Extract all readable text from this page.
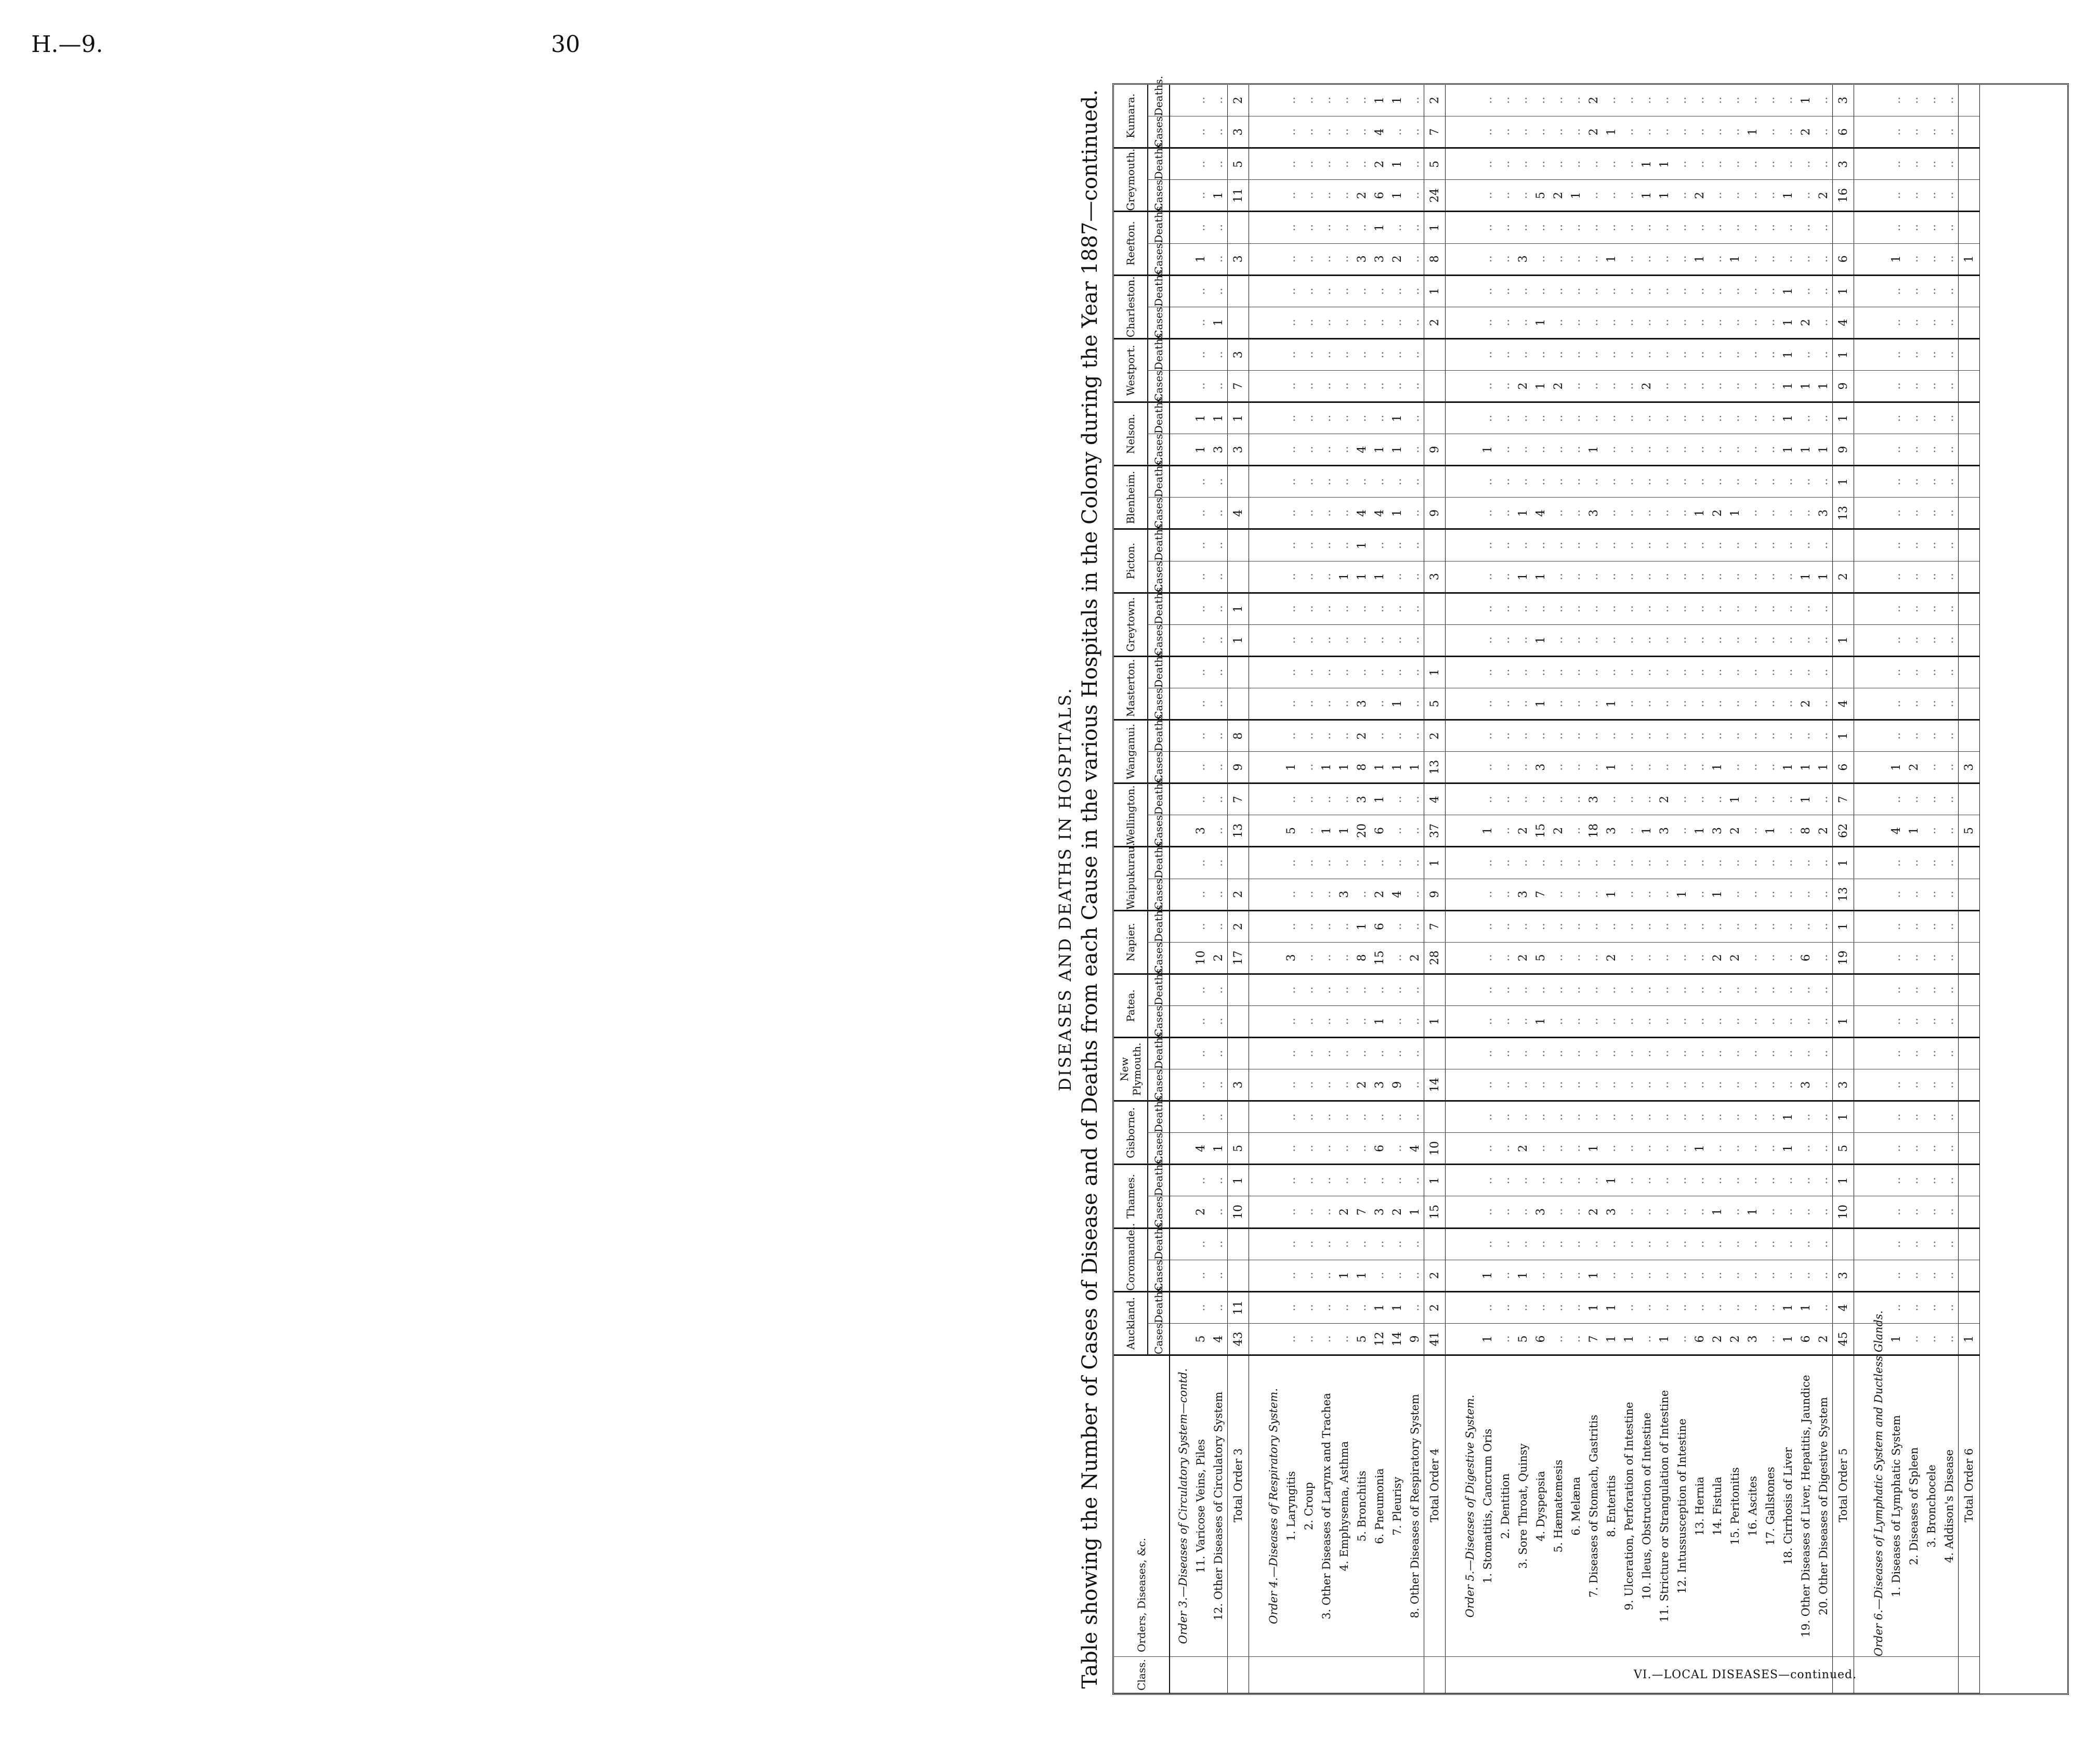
H.—9.	30
DISEASES AND DEATHS IN HOSPITALS. Table showing the Number of Cases of Disease and of Deaths from each Cause in the various Hospitals in the Colony during the Year 1887—continued.	VI.—LOCAL DISEASES—continued.
Class.	Orders, Diseases, &c.	Auckland.		Coromandel.		Thames.		Gisborne.		New Plymouth.		Patea.		Napier.		Waipukurau.		Wellington.		Wanganui.		Masterton.		Greytown.		Picton.		Blenheim.		Nelson.		Westport.		Charleston.		Reefton.		Greymouth.		Kumara.	
		Cases.	Deaths.	Cases.	Deaths.	Cases.	Deaths.	Cases.	Deaths.	Cases.	Deaths.	Cases.	Deaths.	Cases.	Deaths.	Cases.	Deaths.	Cases.	Deaths.	Cases.	Deaths.	Cases.	Deaths.	Cases.	Deaths.	Cases.	Deaths.	Cases.	Deaths.	Cases.	Deaths.	Cases.	Deaths.	Cases.	Deaths.	Cases.	Deaths.	Cases.	Deaths.	Cases.	Deaths.
	Order 3.—Diseases of Circulatory System—contd.																																								
	11. Varicose Veins, Piles	5	..	..	..	2	..	4	..	..	..	..	..	10	..	..	..	3	..	..	..	..	..	..	..	..	..	..	..	1	1	..	..	..	..	1	..	..	..	..	..
	12. Other Diseases of Circulatory System	4	..	..	..	..	..	1	..	..	..	..	..	2	..	..	..	..	..	..	..	..	..	..	..	..	..	..	..	3	1	..	..	1	..	..	..	1	..	..	..
	Total Order 3	43	11			10	1	5		3				17	2	2		13	7	9	8			1	1			4		3	1	7	3			3		11	5	3	2

	Order 4.—Diseases of Respiratory System.																																								
	1. Laryngitis	..	..	..	..	..	..	..	..	..	..	..	..	3	..	..	..	5	..	1	..	..	..	..	..	..	..	..	..	..	..	..	..	..	..	..	..	..	..	..	..
	2. Croup	..	..	..	..	..	..	..	..	..	..	..	..	..	..	..	..	..	..	..	..	..	..	..	..	..	..	..	..	..	..	..	..	..	..	..	..	..	..	..	..
	3. Other Diseases of Larynx and Trachea	..	..	..	..	..	..	..	..	..	..	..	..	..	..	..	..	1	..	1	..	..	..	..	..	..	..	..	..	..	..	..	..	..	..	..	..	..	..	..	..
	4. Emphysema, Asthma	..	..	1	..	2	..	..	..	..	..	..	..	..	..	3	..	1	..	1	..	..	..	..	..	1	..	..	..	..	..	..	..	..	..	..	..	..	..	..	..
	5. Bronchitis	5	..	1	..	7	..	..	..	2	..	..	..	8	1	..	..	20	3	8	2	3	..	..	..	1	1	4	..	4	..	..	..	..	..	3	..	2	..	..	..
	6. Pneumonia	12	1	..	..	3	..	6	..	3	..	1	..	15	6	2	..	6	1	1	..	..	..	..	..	1	..	4	..	1	..	..	..	..	..	3	1	6	2	4	1
	7. Pleurisy	14	1	..	..	2	..	..	..	9	..	..	..	..	..	4	..	..	..	1	..	1	..	..	..	..	..	1	..	1	1	..	..	..	..	2	..	1	1	..	1
	8. Other Diseases of Respiratory System	9	..	..	..	1	..	4	..	..	..	..	..	2	..	..	..	..	..	1	..	..	..	..	..	..	..	..	..	..	..	..	..	..	..	..	..	..	..	..	..
	Total Order 4	41	2	2		15	1	10		14		1		28	7	9	1	37	4	13	2	5	1			3		9		9				2	1	8	1	24	5	7	2

	Order 5.—Diseases of Digestive System.																																								
	1. Stomatitis, Cancrum Oris	1	..	1	..	..	..	..	..	..	..	..	..	..	..	..	..	1	..	..	..	..	..	..	..	..	..	..	..	1	..	..	..	..	..	..	..	..	..	..	..
	2. Dentition	..	..	..	..	..	..	..	..	..	..	..	..	..	..	..	..	..	..	..	..	..	..	..	..	..	..	..	..	..	..	..	..	..	..	..	..	..	..	..	..
	3. Sore Throat, Quinsy	5	..	1	..	..	..	2	..	..	..	..	..	2	..	3	..	2	..	..	..	..	..	..	..	1	..	1	..	..	..	2	..	..	..	3	..	..	..	..	..
	4. Dyspepsia	6	..	..	..	3	..	..	..	..	..	1	..	5	..	7	..	15	..	3	..	1	..	1	..	1	..	4	..	..	..	1	..	1	..	..	..	5	..	..	..
	5. Hæmatemesis	..	..	..	..	..	..	..	..	..	..	..	..	..	..	..	..	2	..	..	..	..	..	..	..	..	..	..	..	..	..	2	..	..	..	..	..	2	..	..	..
	6. Melæna	..	..	..	..	..	..	..	..	..	..	..	..	..	..	..	..	..	..	..	..	..	..	..	..	..	..	..	..	..	..	..	..	..	..	..	..	1	..	..	..
	7. Diseases of Stomach, Gastritis	7	1	1	..	2	..	1	..	..	..	..	..	..	..	..	..	18	3	..	..	..	..	..	..	..	..	3	..	1	..	..	..	..	..	..	..	..	..	2	2
	8. Enteritis	1	1	..	..	3	1	..	..	..	..	..	..	2	..	1	..	3	..	1	..	1	..	..	..	..	..	..	..	..	..	..	..	..	..	1	..	..	..	1	..
	9. Ulceration, Perforation of Intestine	1	..	..	..	..	..	..	..	..	..	..	..	..	..	..	..	..	..	..	..	..	..	..	..	..	..	..	..	..	..	..	..	..	..	..	..	..	..	..	..
	10. Ileus, Obstruction of Intestine	..	..	..	..	..	..	..	..	..	..	..	..	..	..	..	..	1	..	..	..	..	..	..	..	..	..	..	..	..	..	2	..	..	..	..	..	1	1	..	..
	11. Stricture or Strangulation of Intestine	1	..	..	..	..	..	..	..	..	..	..	..	..	..	..	..	3	2	..	..	..	..	..	..	..	..	..	..	..	..	..	..	..	..	..	..	1	1	..	..
	12. Intussusception of Intestine	..	..	..	..	..	..	..	..	..	..	..	..	..	..	1	..	..	..	..	..	..	..	..	..	..	..	..	..	..	..	..	..	..	..	..	..	..	..	..	..
	13. Hernia	6	..	..	..	..	..	1	..	..	..	..	..	..	..	..	..	1	..	..	..	..	..	..	..	..	..	1	..	..	..	..	..	..	..	1	..	2	..	..	..
	14. Fistula	2	..	..	..	1	..	..	..	..	..	..	..	2	..	1	..	3	..	1	..	..	..	..	..	..	..	2	..	..	..	..	..	..	..	..	..	..	..	..	..
	15. Peritonitis	2	..	..	..	..	..	..	..	..	..	..	..	2	..	..	..	2	1	..	..	..	..	..	..	..	..	1	..	..	..	..	..	..	..	1	..	..	..	..	..
	16. Ascites	3	..	..	..	1	..	..	..	..	..	..	..	..	..	..	..	..	..	..	..	..	..	..	..	..	..	..	..	..	..	..	..	..	..	..	..	..	..	1	..
	17. Gallstones	..	..	..	..	..	..	..	..	..	..	..	..	..	..	..	..	1	..	..	..	..	..	..	..	..	..	..	..	..	..	..	..	..	..	..	..	..	..	..	..
	18. Cirrhosis of Liver	1	1	..	..	..	..	1	1	..	..	..	..	..	..	..	..	..	..	1	..	..	..	..	..	..	..	..	..	1	1	1	1	1	1	..	..	1	..	..	..
	19. Other Diseases of Liver, Hepatitis, Jaundice	6	1	..	..	..	..	..	..	3	..	..	..	6	..	..	..	8	1	1	..	2	..	..	..	1	..	..	..	1	..	1	..	2	..	..	..	..	..	2	1
	20. Other Diseases of Digestive System	2	..	..	..	..	..	..	..	..	..	..	..	..	..	..	..	2	..	1	..	..	..	..	..	1	..	3	..	1	..	1	..	..	..	..	..	2	..	..	..
	Total Order 5	45	4	3		10	1	5	1	3		1		19	1	13	1	62	7	6	1	4		1		2		13	1	9	1	9	1	4	1	6		16	3	6	3

	Order 6.—Diseases of Lymphatic System and Ductless Glands.																																								
	1. Diseases of Lymphatic System	1	..	..	..	..	..	..	..	..	..	..	..	..	..	..	..	4	..	1	..	..	..	..	..	..	..	..	..	..	..	..	..	..	..	1	..	..	..	..	..
	2. Diseases of Spleen	..	..	..	..	..	..	..	..	..	..	..	..	..	..	..	..	1	..	2	..	..	..	..	..	..	..	..	..	..	..	..	..	..	..	..	..	..	..	..	..
	3. Bronchocele	..	..	..	..	..	..	..	..	..	..	..	..	..	..	..	..	..	..	..	..	..	..	..	..	..	..	..	..	..	..	..	..	..	..	..	..	..	..	..	..
	4. Addison's Disease	..	..	..	..	..	..	..	..	..	..	..	..	..	..	..	..	..	..	..	..	..	..	..	..	..	..	..	..	..	..	..	..	..	..	..	..	..	..	..	..
	Total Order 6	1																5		3																1					
